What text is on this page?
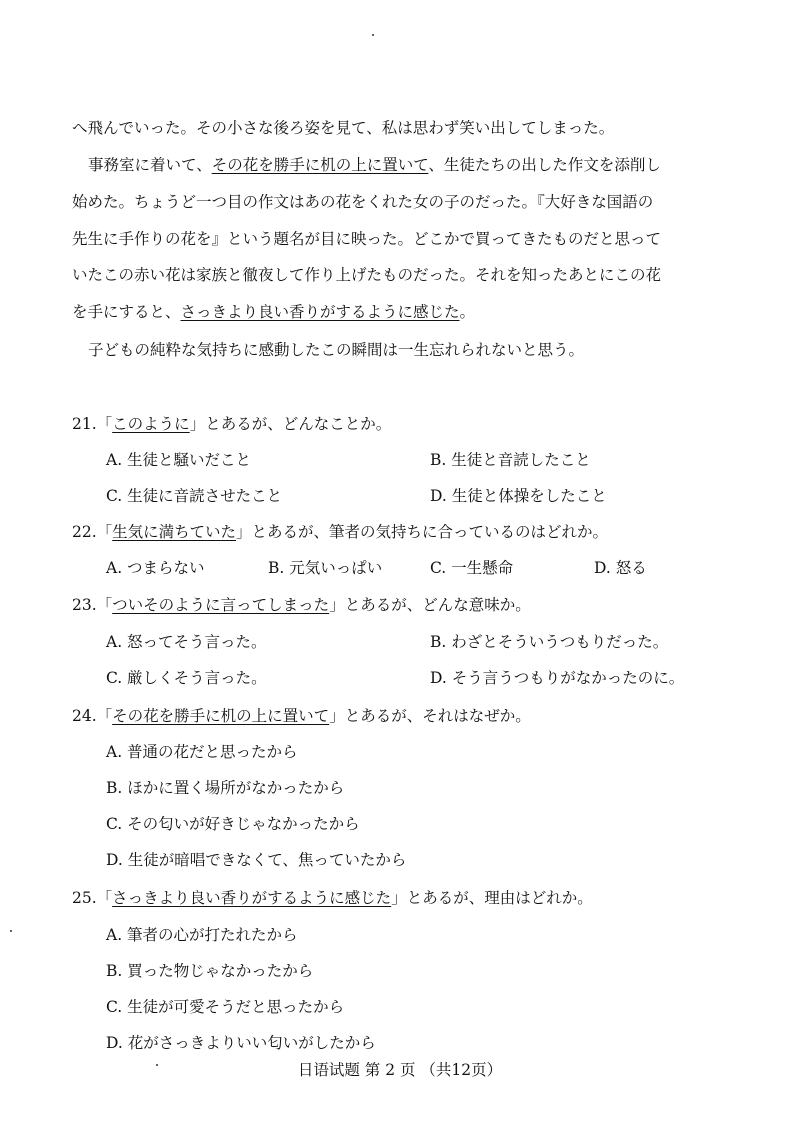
へ飛んでいった。その小さな後ろ姿を見て、私は思わず笑い出してしまった。
事務室に着いて、その花を勝手に机の上に置いて、生徒たちの出した作文を添削し
始めた。ちょうど一つ目の作文はあの花をくれた女の子のだった。『大好きな国語の
先生に手作りの花を』という題名が目に映った。どこかで買ってきたものだと思って
いたこの赤い花は家族と徹夜して作り上げたものだった。それを知ったあとにこの花
を手にすると、さっきより良い香りがするように感じた。
子どもの純粋な気持ちに感動したこの瞬間は一生忘れられないと思う。
21.「このように」とあるが、どんなことか。
A. 生徒と騒いだこと	B. 生徒と音読したこと
C. 生徒に音読させたこと	D. 生徒と体操をしたこと
22.「生気に満ちていた」とあるが、筆者の気持ちに合っているのはどれか。
A. つまらない	B. 元気いっぱい	C. 一生懸命	D. 怒る
23.「ついそのように言ってしまった」とあるが、どんな意味か。
A. 怒ってそう言った。	B. わざとそういうつもりだった。
C. 厳しくそう言った。	D. そう言うつもりがなかったのに。
24.「その花を勝手に机の上に置いて」とあるが、それはなぜか。
A. 普通の花だと思ったから
B. ほかに置く場所がなかったから
C. その匂いが好きじゃなかったから
D. 生徒が暗唱できなくて、焦っていたから
25.「さっきより良い香りがするように感じた」とあるが、理由はどれか。
A. 筆者の心が打たれたから
B. 買った物じゃなかったから
C. 生徒が可愛そうだと思ったから
D. 花がさっきよりいい匂いがしたから
日语试题 第 2 页 （共12页）
